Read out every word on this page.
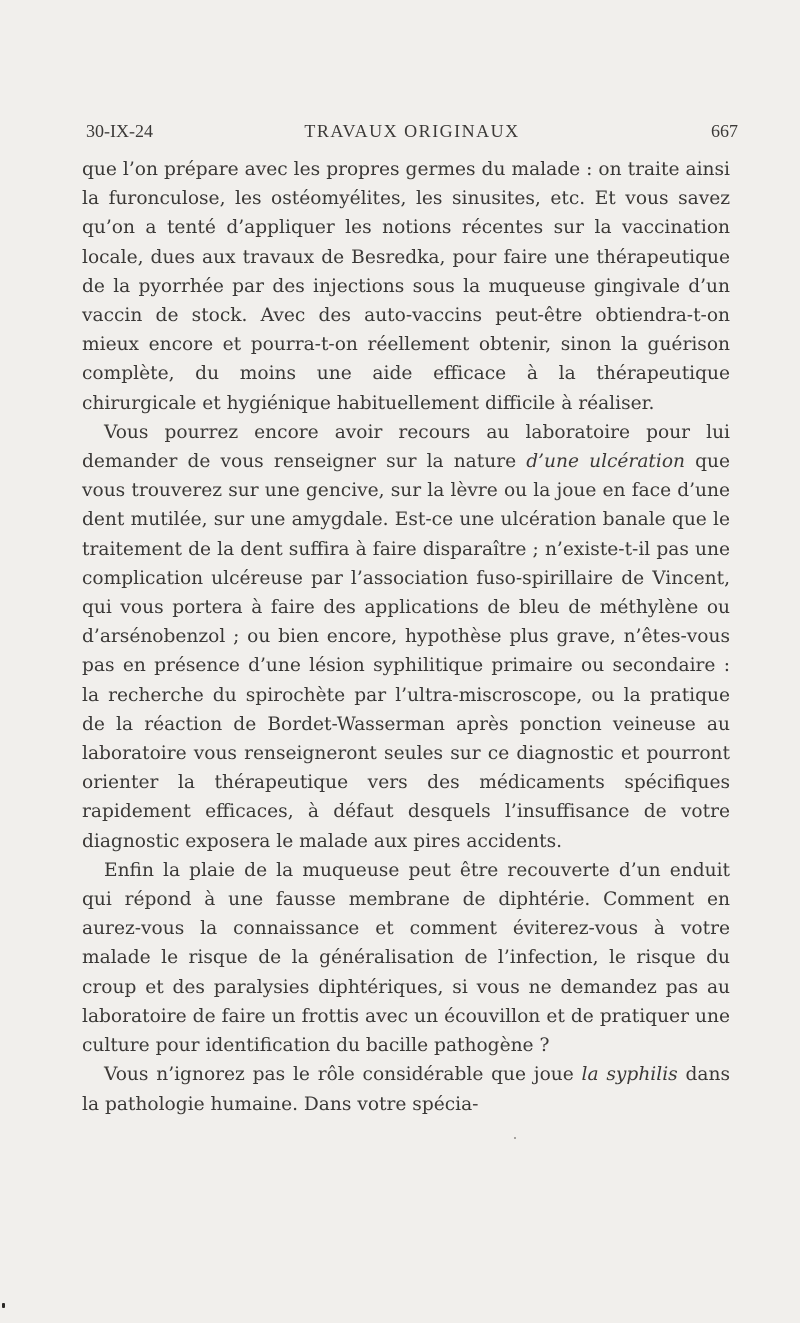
30-IX-24	TRAVAUX ORIGINAUX	667

que l’on prépare avec les propres germes du malade : on traite ainsi la furonculose, les ostéomyélites, les sinusites, etc. Et vous savez qu’on a tenté d’appliquer les notions récentes sur la vaccination locale, dues aux travaux de Besredka, pour faire une thérapeutique de la pyorrhée par des injections sous la muqueuse gingivale d’un vaccin de stock. Avec des auto-vaccins peut-être obtiendra-t-on mieux encore et pourra-t-on réellement obtenir, sinon la guérison complète, du moins une aide efficace à la thérapeutique chirurgicale et hygiénique habituellement difficile à réaliser.

Vous pourrez encore avoir recours au laboratoire pour lui demander de vous renseigner sur la nature d’une ulcération que vous trouverez sur une gencive, sur la lèvre ou la joue en face d’une dent mutilée, sur une amygdale. Est-ce une ulcération banale que le traitement de la dent suffira à faire disparaître ; n’existe-t-il pas une complication ulcéreuse par l’association fuso-spirillaire de Vincent, qui vous portera à faire des applications de bleu de méthylène ou d’arsénobenzol ; ou bien encore, hypothèse plus grave, n’êtes-vous pas en présence d’une lésion syphilitique primaire ou secondaire : la recherche du spirochète par l’ultra-miscroscope, ou la pratique de la réaction de Bordet-Wasserman après ponction veineuse au laboratoire vous renseigneront seules sur ce diagnostic et pourront orienter la thérapeutique vers des médicaments spécifiques rapidement efficaces, à défaut desquels l’insuffisance de votre diagnostic exposera le malade aux pires accidents.

Enfin la plaie de la muqueuse peut être recouverte d’un enduit qui répond à une fausse membrane de diphtérie. Comment en aurez-vous la connaissance et comment éviterez-vous à votre malade le risque de la généralisation de l’infection, le risque du croup et des paralysies diphtériques, si vous ne demandez pas au laboratoire de faire un frottis avec un écouvillon et de pratiquer une culture pour identification du bacille pathogène ?

Vous n’ignorez pas le rôle considérable que joue la syphilis dans la pathologie humaine. Dans votre spécia-
